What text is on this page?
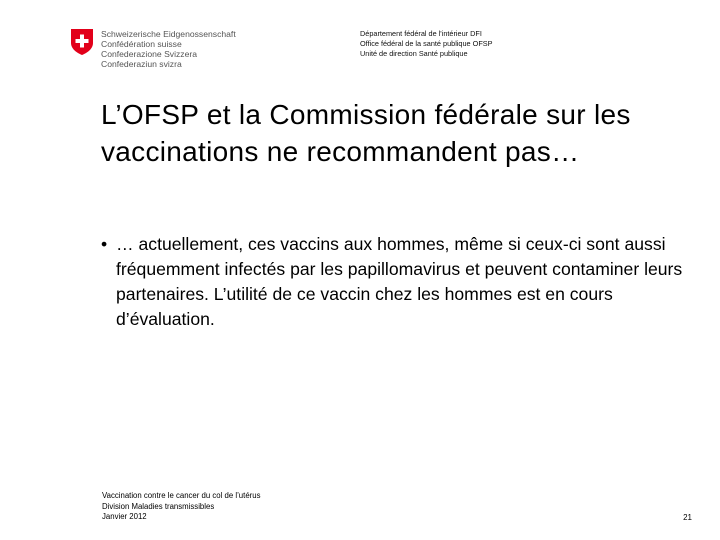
Schweizerische Eidgenossenschaft
Confédération suisse
Confederazione Svizzera
Confederaziun svizra
Département fédéral de l'intérieur DFI
Office fédéral de la santé publique OFSP
Unité de direction Santé publique
L’OFSP et la Commission fédérale sur les vaccinations ne recommandent pas…
• … actuellement, ces vaccins aux hommes, même si ceux-ci sont aussi fréquemment infectés par les papillomavirus et peuvent contaminer leurs partenaires. L’utilité de ce vaccin chez les hommes est en cours d’évaluation.
Vaccination contre le cancer du col de l’utérus
Division Maladies transmissibles
Janvier 2012	21
